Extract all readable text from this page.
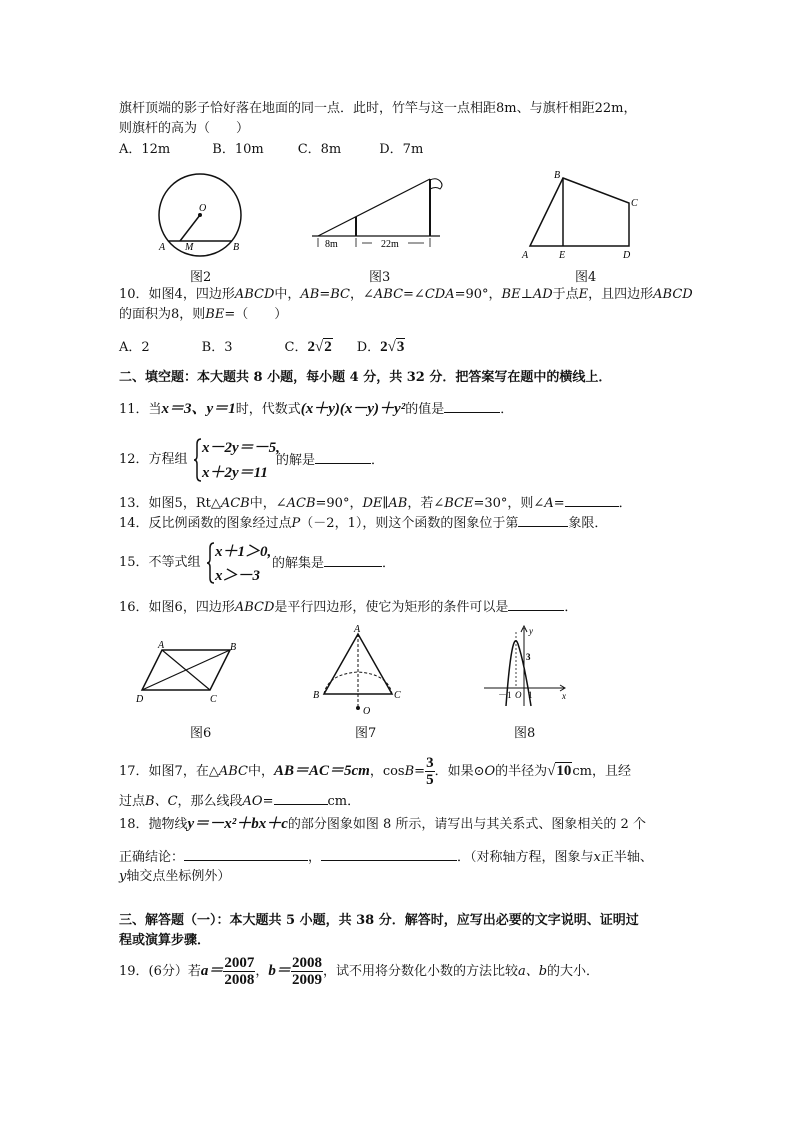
旗杆顶端的影子恰好落在地面的同一点．此时，竹竿与这一点相距8m、与旗杆相距22m，
则旗杆的高为（　　）
A．12m	B．10m	C．8m	D．7m
O
A M	B
图2
8m	22m
图3
B
C
A	E	D
图4
10．如图4，四边形ABCD中，AB=BC，∠ABC=∠CDA=90°，BE⊥AD于点E，且四边形ABCD
的面积为8，则BE=（　　）
A．2	B．3	C．2√2 D．2√3
二、填空题：本大题共 8 小题，每小题 4 分，共 32 分．把答案写在题中的横线上．
11．当x＝3、y＝1时，代数式(x＋y)(x－y)＋y²的值是	．
12．方程组
x－2y＝－5,
x＋2y＝11
的解是	．
13．如图5，Rt△ACB中，∠ACB=90°，DE∥AB，若∠BCE=30°，则∠A=	．
14．反比例函数的图象经过点P（－2，1），则这个函数的图象位于第	象限．
15．不等式组
x＋1＞0,
x＞－3
的解集是	．
16．如图6，四边形ABCD是平行四边形，使它为矩形的条件可以是	．
A	B
D	C
图6
A
B	C
O
图7
y
3
x
－1 O 1
图8
17．如图7，在△ABC中，AB＝AC＝5cm，$\cos B= \frac{3}{5}$ ．如果⊙O的半径为√10cm，且经
过点B、C，那么线段AO=	cm．
18．抛物线y＝－x²＋bx＋c的部分图象如图 8 所示，请写出与其关系式、图象相关的 2 个
正确结论：	，	．（对称轴方程，图象与x正半轴、
y轴交点坐标例外）
三、解答题（一）：本大题共 5 小题，共 38 分．解答时，应写出必要的文字说明、证明过
程或演算步骤．
19．(6分）若$a= \frac{2007}{2008}$ ，$b= \frac{2008}{2009}$ ，试不用将分数化小数的方法比较a、b的大小．
